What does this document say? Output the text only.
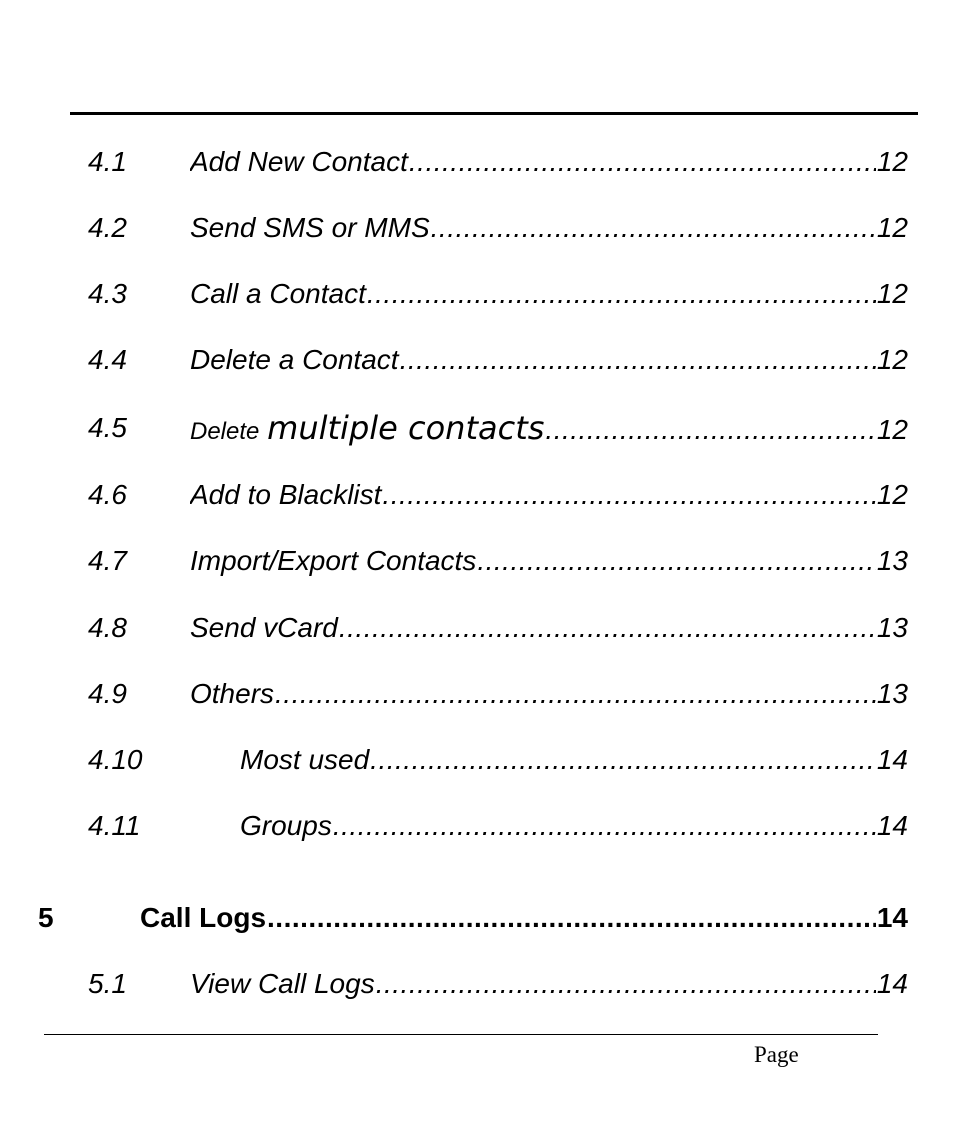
4.1 Add New Contact .....	12
4.2 Send SMS or MMS .....	12
4.3 Call a Contact .....	12
4.4 Delete a Contact .....	12
4.5	Delete multiple contacts .....	12
4.6 Add to Blacklist .....	12
4.7 Import/Export Contacts .....	13
4.8 Send vCard .....	13
4.9 Others .....	13
4.10	Most used .....	14
4.11	Groups .....	14
5	Call Logs .....	14
5.1 View Call Logs .....	14
Page
